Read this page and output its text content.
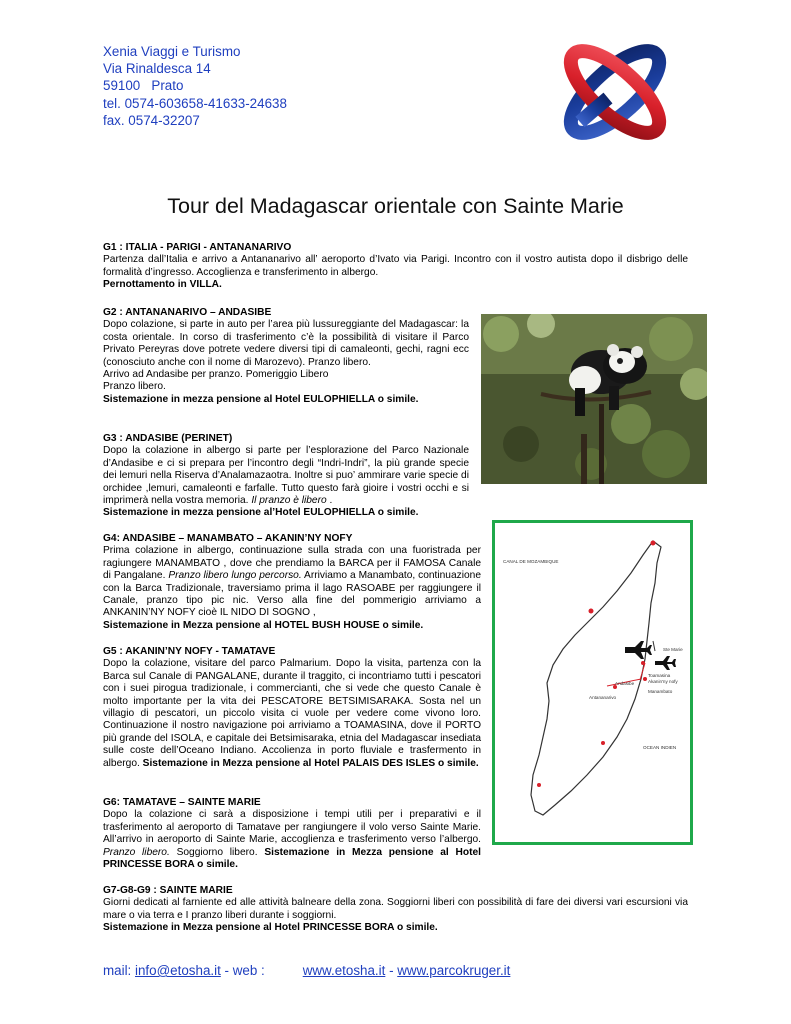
Xenia Viaggi e Turismo
Via Rinaldesca 14
59100   Prato
tel. 0574-603658-41633-24638
fax. 0574-32207
Tour del Madagascar orientale con Sainte Marie
G1 : ITALIA - PARIGI - ANTANANARIVO

Partenza dall’Italia e arrivo a Antananarivo all’ aeroporto d’Ivato via Parigi. Incontro con il vostro autista dopo il disbrigo delle formalità d’ingresso. Accoglienza e transferimento in albergo.

Pernottamento in VILLA.
G2 : ANTANANARIVO – ANDASIBE

Dopo colazione, si parte in auto per l’area più lussureggiante del Madagascar: la costa orientale. In corso di trasferimento c’è la possibilità di visitare il Parco Privato Pereyras dove potrete vedere diversi tipi di camaleonti, gechi, ragni ecc (conosciuto anche con il nome di Marozevo). Pranzo libero.

Arrivo ad Andasibe per pranzo. Pomeriggio Libero
Pranzo libero.
Sistemazione in mezza pensione al Hotel EULOPHIELLA o simile.
G3 : ANDASIBE (PERINET)

Dopo la colazione in albergo si parte per l’esplorazione del Parco Nazionale d’Andasibe e ci si prepara per l’incontro degli “Indri-Indri”, la più grande specie dei lemuri nella Riserva d’Analamazaotra. Inoltre si puo’ ammirare varie specie di orchidee ,lemuri, camaleonti e farfalle. Tutto questo farà gioire i vostri occhi e si imprimerà nella vostra memoria. Il pranzo è libero .

Sistemazione in mezza pensione al’Hotel EULOPHIELLA o simile.
G4: ANDASIBE – MANAMBATO – AKANIN’NY NOFY

Prima colazione in albergo, continuazione sulla strada con una fuoristrada per ragiungere MANAMBATO , dove che prendiamo la BARCA per il FAMOSA Canale di Pangalane. Pranzo libero lungo percorso. Arriviamo a Manambato, continuazione con la Barca Tradizionale, traversiamo prima il lago RASOABE per raggiungere il Canale, pranzo tipo pic nic. Verso alla fine del pommerigio arriviamo a ANKANIN’NY NOFY cioè IL NIDO DI SOGNO ,

Sistemazione in Mezza pensione al HOTEL BUSH HOUSE o simile.
G5 : AKANIN’NY NOFY - TAMATAVE

Dopo la colazione, visitare del parco Palmarium. Dopo la visita, partenza con la Barca sul Canale di PANGALANE, durante il traggito, ci incontriamo tutti i pescatori con i suei pirogua tradizionale, i commercianti, che si vede che questo Canale è molto importante per la vita dei PESCATORE BETSIMISARAKA. Sosta nel un villagio di pescatori, un piccolo visita ci vuole per vedere come vivono loro. Continuazione il nostro navigazione poi arriviamo a TOAMASINA, dove il PORTO più grande del ISOLA, e capitale dei Betsimisaraka, etnia del Madagascar insediata sulle coste dell’Oceano Indiano. Accolienza in porto fluviale e trasfermento in albergo. Sistemazione in Mezza pensione al Hotel PALAIS DES ISLES o simile.

CANAL DE MOZAMBIQUE
Ste Marie
Toamasina
Akanin'ny nofy
Andasibe
Manambato
Antananarivo
OCEAN INDIEN
G6: TAMATAVE – SAINTE MARIE

Dopo la colazione ci sarà a disposizione i tempi utili per i preparativi e il trasferimento al aeroporto di Tamatave per rangiungere il volo verso Sainte Marie. All’arrivo in aeroporto di Sainte Marie, accoglienza e trasferimento verso l’albergo. Pranzo libero. Soggiorno libero. Sistemazione in Mezza pensione al Hotel PRINCESSE BORA o simile.

G7-G8-G9 : SAINTE MARIE

Giorni dedicati al farniente ed alle attività balneare della zona. Soggiorni liberi con possibilità di fare dei diversi vari escursioni via mare o via terra e I pranzo liberi durante i soggiorni.

Sistemazione in Mezza pensione al Hotel PRINCESSE BORA o simile.
mail: info@etosha.it - web :	www.etosha.it - www.parcokruger.it
